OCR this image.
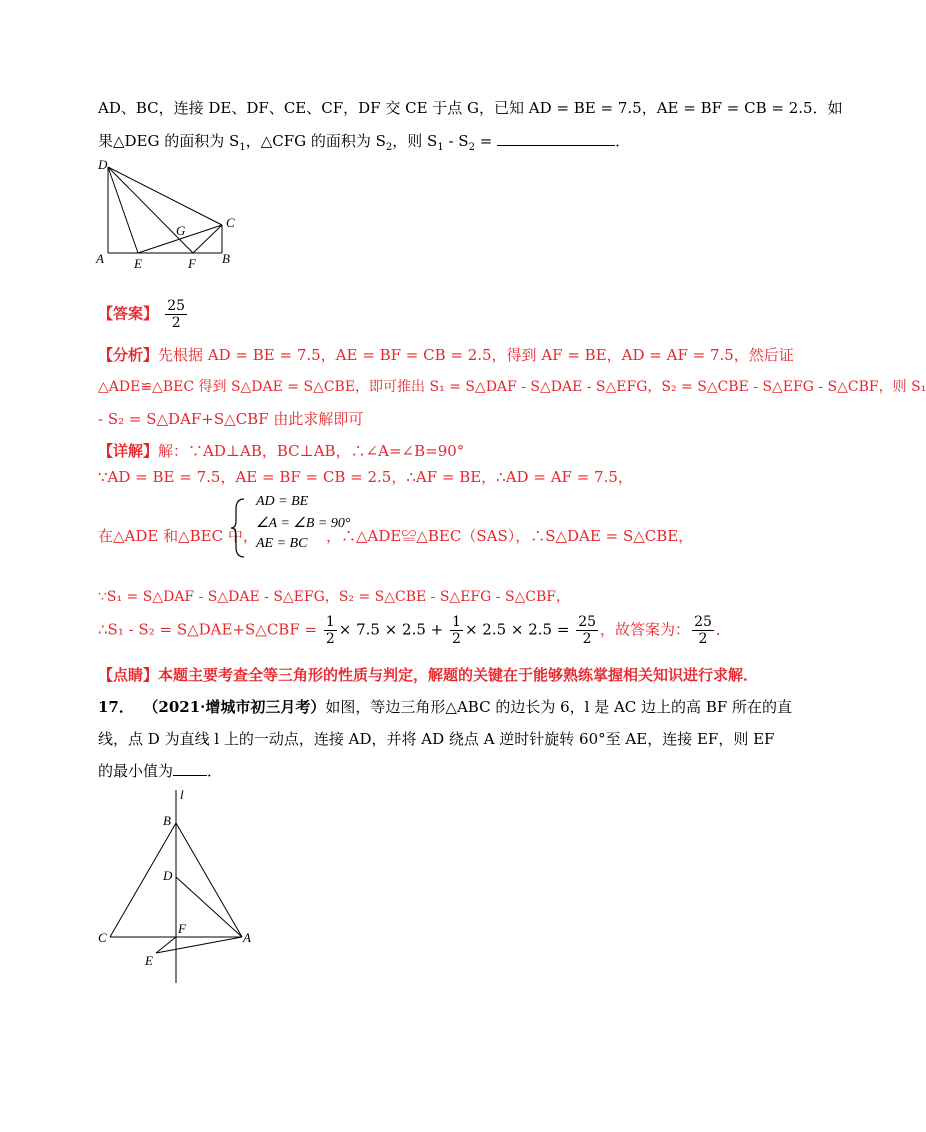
AD、BC，连接 DE、DF、CE、CF，DF 交 CE 于点 G，已知 AD = BE = 7.5，AE = BF = CB = 2.5．如
果△DEG 的面积为 $S_1$，△CFG 的面积为 $S_2$，则 $S_1 - S_2$ =	．
D
C
G
A E	F B
【答案】 $\frac{25}{2}$
【分析】先根据 AD = BE = 7.5，AE = BF = CB = 2.5，得到 AF = BE，AD = AF = 7.5，然后证
△ADE≌△BEC 得到 S△DAE = S△CBE，即可推出 S₁ = S△DAF - S△DAE - S△EFG，S₂ = S△CBE - S△EFG - S△CBF，则 S₁
- S₂ = S△DAF+S△CBF 由此求解即可
【详解】解：∵AD⊥AB，BC⊥AB，∴∠A=∠B=90°
∵AD = BE = 7.5，AE = BF = CB = 2.5，∴AF = BE，∴AD = AF = 7.5，
在△ADE 和△BEC 中，
AD = BE
∠A = ∠B = 90°
AE = BC ，∴△ADE≌△BEC（SAS），∴S△DAE = S△CBE，
∵S₁ = S△DAF - S△DAE - S△EFG，S₂ = S△CBE - S△EFG - S△CBF，
∴S₁ - S₂ = S△DAE+S△CBF = $\frac{1}{2} \times 7.5 \times 2.5 + \frac{1}{2} \times 2.5 \times 2.5 = \frac{25}{2}$ ，故答案为： $\frac{25}{2}$ ．
【点睛】本题主要考查全等三角形的性质与判定，解题的关键在于能够熟练掌握相关知识进行求解．
17． （2021·增城市初三月考）如图，等边三角形△ABC 的边长为 6，l 是 AC 边上的高 BF 所在的直
线，点 D 为直线 l 上的一动点，连接 AD，并将 AD 绕点 A 逆时针旋转 60°至 AE，连接 EF，则 EF
的最小值为 ．
l
B
D
C
F
A
E
